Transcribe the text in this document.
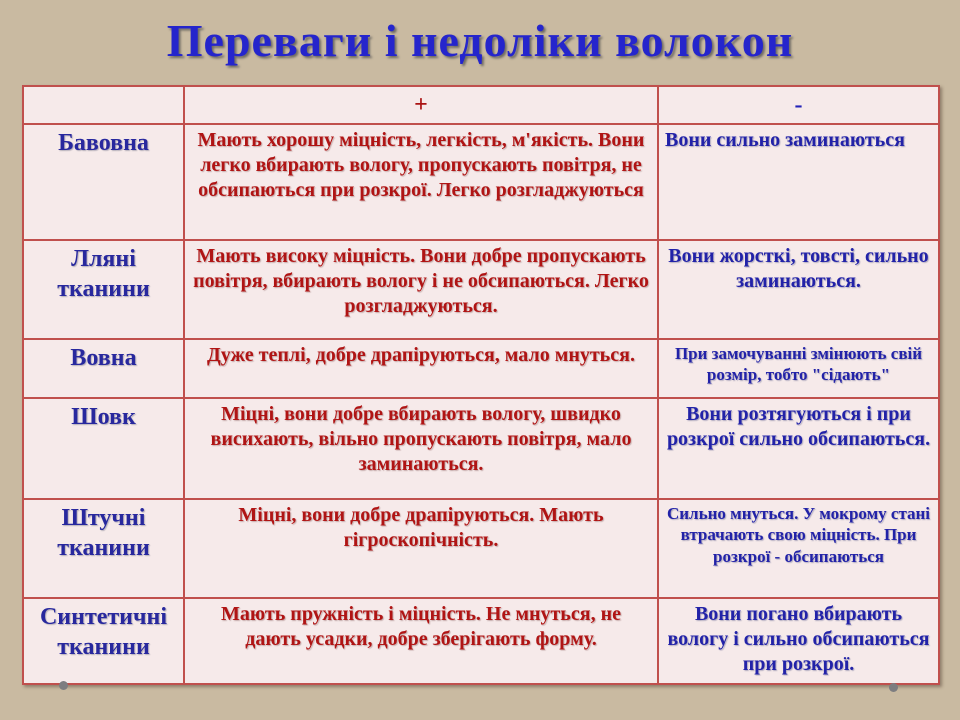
Переваги і недоліки волокон
	+	-
Бавовна	Мають хорошу міцність, легкість, м'якість. Вони легко вбирають вологу, пропускають повітря, не обсипаються при розкрої. Легко розгладжуються	Вони сильно заминаються
Лляні тканини	Мають високу міцність. Вони добре пропускають повітря, вбирають вологу і не обсипаються. Легко розгладжуються.	Вони жорсткі, товсті, сильно заминаються.
Вовна	Дуже теплі, добре драпіруються, мало мнуться.	При замочуванні змінюють свій розмір, тобто "сідають"
Шовк	Міцні, вони добре вбирають вологу, швидко висихають, вільно пропускають повітря, мало заминаються.	Вони розтягуються і при розкрої сильно обсипаються.
Штучні тканини	Міцні, вони добре драпіруються. Мають гігроскопічність.	Сильно мнуться. У мокрому стані втрачають свою міцність. При розкрої - обсипаються
Синтетичні тканини	Мають пружність і міцність. Не мнуться, не дають усадки, добре зберігають форму.	Вони погано вбирають вологу і сильно обсипаються при розкрої.
